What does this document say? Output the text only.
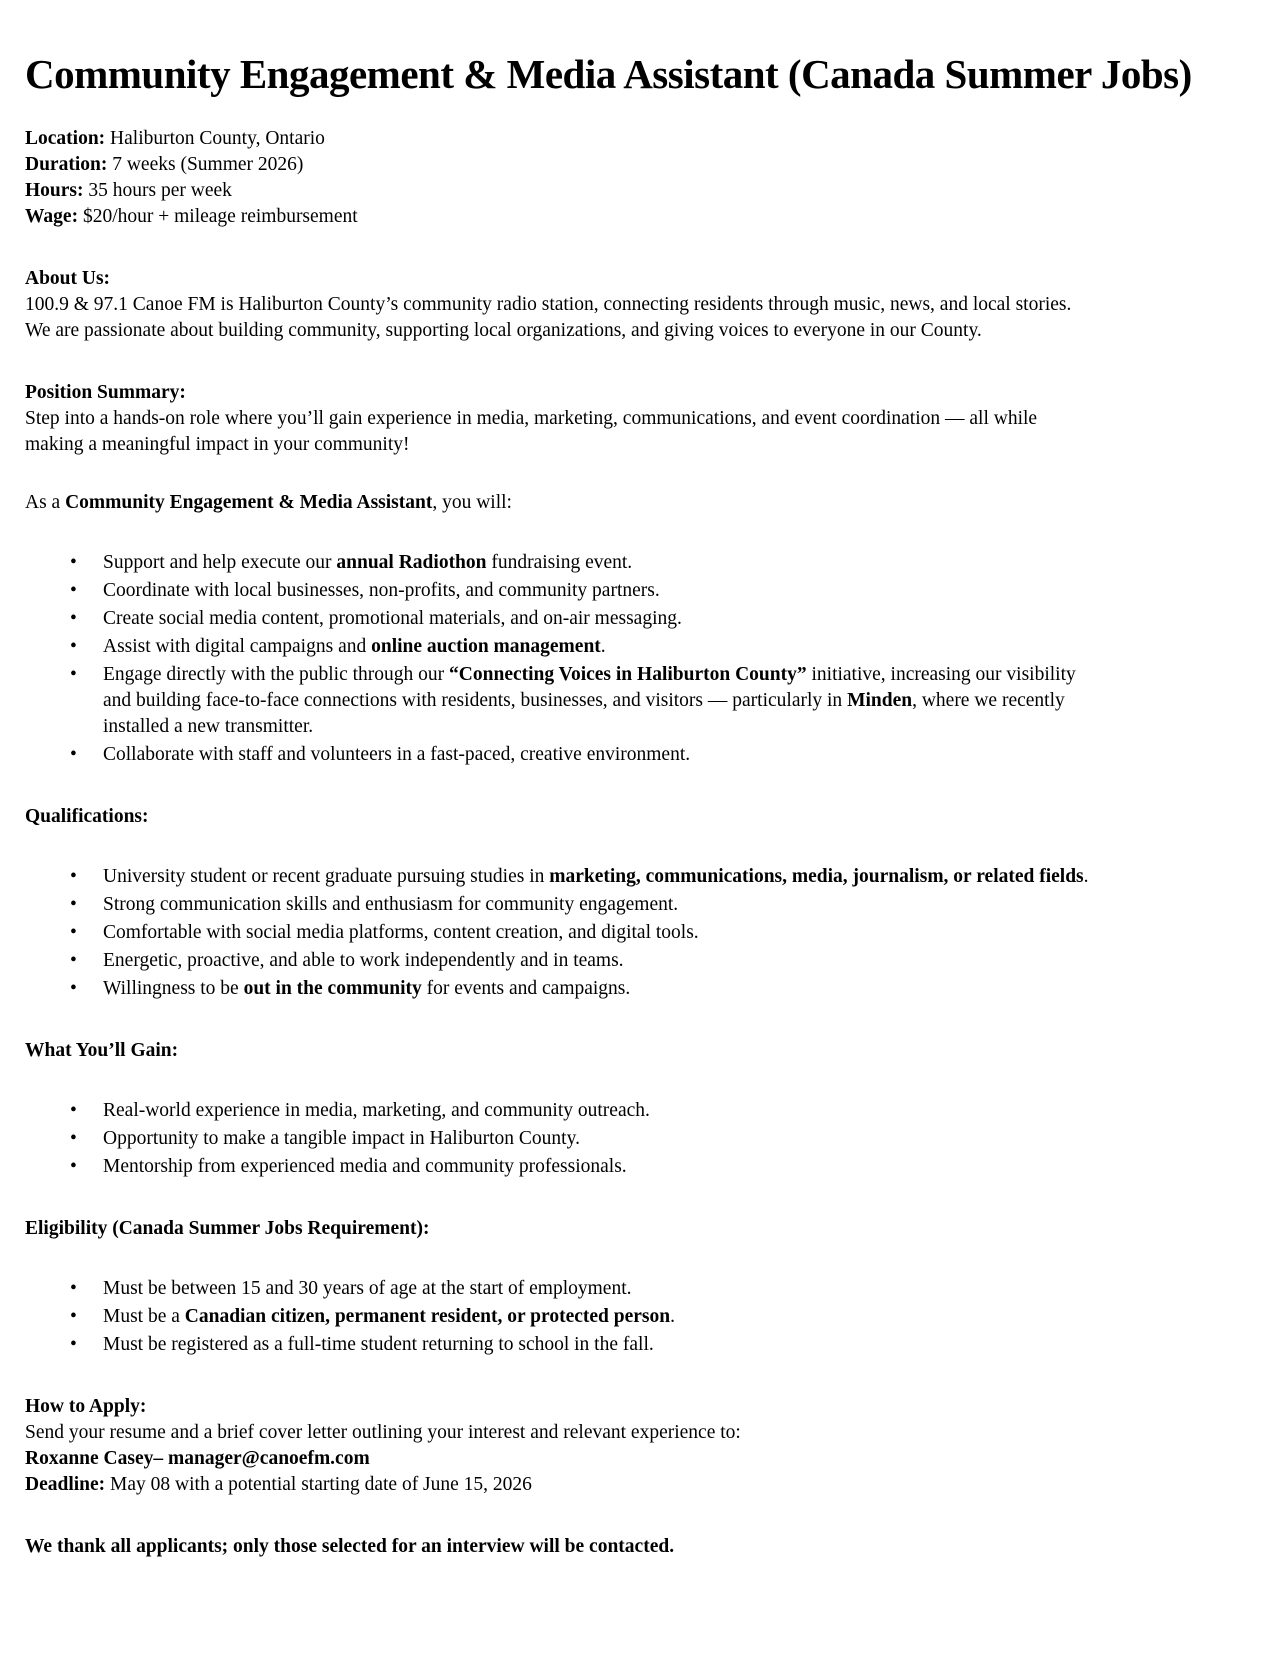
Community Engagement & Media Assistant (Canada Summer Jobs)
Location: Haliburton County, Ontario
Duration: 7 weeks (Summer 2026)
Hours: 35 hours per week
Wage: $20/hour + mileage reimbursement
About Us:
100.9 & 97.1 Canoe FM is Haliburton County’s community radio station, connecting residents through music, news, and local stories.
We are passionate about building community, supporting local organizations, and giving voices to everyone in our County.
Position Summary:
Step into a hands-on role where you’ll gain experience in media, marketing, communications, and event coordination — all while
making a meaningful impact in your community!
As a Community Engagement & Media Assistant, you will:
• Support and help execute our annual Radiothon fundraising event.
• Coordinate with local businesses, non-profits, and community partners.
• Create social media content, promotional materials, and on-air messaging.
• Assist with digital campaigns and online auction management.
• Engage directly with the public through our “Connecting Voices in Haliburton County” initiative, increasing our visibility
and building face-to-face connections with residents, businesses, and visitors — particularly in Minden, where we recently
installed a new transmitter.
• Collaborate with staff and volunteers in a fast-paced, creative environment.
Qualifications:
• University student or recent graduate pursuing studies in marketing, communications, media, journalism, or related fields.
• Strong communication skills and enthusiasm for community engagement.
• Comfortable with social media platforms, content creation, and digital tools.
• Energetic, proactive, and able to work independently and in teams.
• Willingness to be out in the community for events and campaigns.
What You’ll Gain:
• Real-world experience in media, marketing, and community outreach.
• Opportunity to make a tangible impact in Haliburton County.
• Mentorship from experienced media and community professionals.
Eligibility (Canada Summer Jobs Requirement):
• Must be between 15 and 30 years of age at the start of employment.
• Must be a Canadian citizen, permanent resident, or protected person.
• Must be registered as a full-time student returning to school in the fall.
How to Apply:
Send your resume and a brief cover letter outlining your interest and relevant experience to:
Roxanne Casey– manager@canoefm.com
Deadline: May 08 with a potential starting date of June 15, 2026
We thank all applicants; only those selected for an interview will be contacted.
